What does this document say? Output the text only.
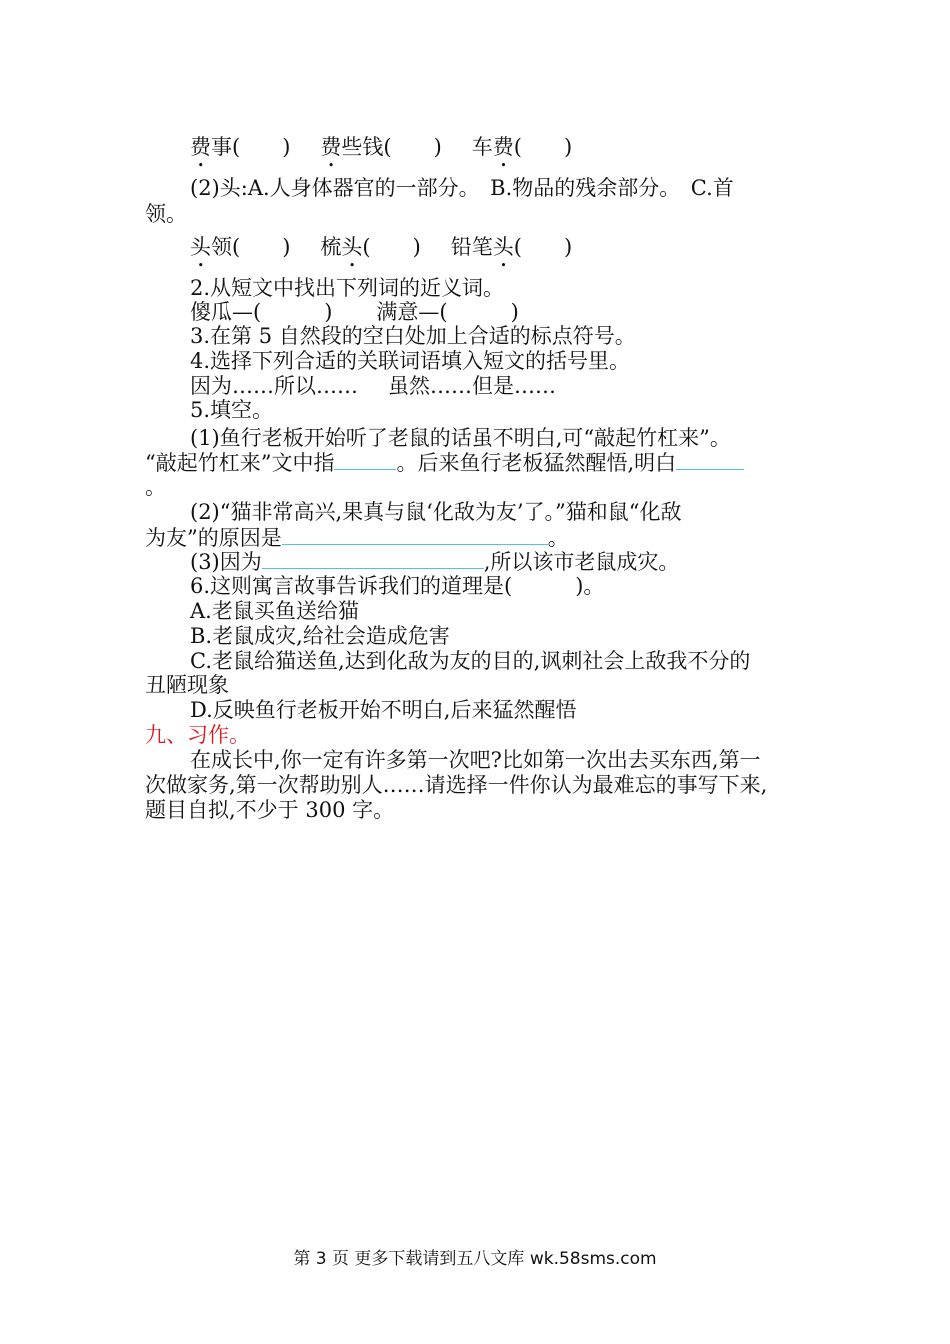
费事(　　) 费些钱(　　) 车费(　　)
(2)头:A.人身体器官的一部分。　B.物品的残余部分。　C.首
领。
头领(　　) 梳头(　　) 铅笔头(　　)
2.从短文中找出下列词的近义词。
傻瓜—(　　　) 满意—(　　　)
3.在第 5 自然段的空白处加上合适的标点符号。
4.选择下列合适的关联词语填入短文的括号里。
因为……所以…… 虽然……但是……
5.填空。
(1)鱼行老板开始听了老鼠的话虽不明白,可“敲起竹杠来”。
“敲起竹杠来”文中指	。后来鱼行老板猛然醒悟,明白
。
(2)“猫非常高兴,果真与鼠‘化敌为友’了。”猫和鼠“化敌
为友”的原因是	。
(3)因为	,所以该市老鼠成灾。
6.这则寓言故事告诉我们的道理是(　　　)。
A.老鼠买鱼送给猫
B.老鼠成灾,给社会造成危害
C.老鼠给猫送鱼,达到化敌为友的目的,讽刺社会上敌我不分的
丑陋现象
D.反映鱼行老板开始不明白,后来猛然醒悟
九、习作。
在成长中,你一定有许多第一次吧?比如第一次出去买东西,第一
次做家务,第一次帮助别人……请选择一件你认为最难忘的事写下来,
题目自拟,不少于 300 字。
第 3 页 更多下载请到五八文库 wk.58sms.com
